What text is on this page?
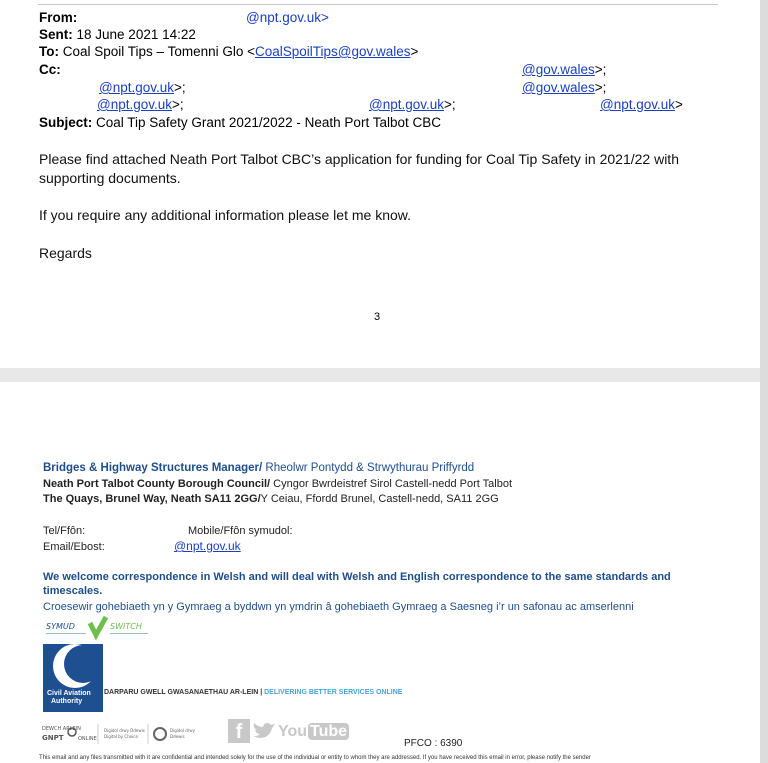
From:	@npt.gov.uk>
Sent: 18 June 2021 14:22
To: Coal Spoil Tips – Tomenni Glo <CoalSpoilTips@gov.wales>
Cc:	@gov.wales>;
@npt.gov.uk>;	@gov.wales>;
@npt.gov.uk>;	@npt.gov.uk>;	@npt.gov.uk>
Subject: Coal Tip Safety Grant 2021/2022 - Neath Port Talbot CBC
Please find attached Neath Port Talbot CBC’s application for funding for Coal Tip Safety in 2021/22 with
supporting documents.
If you require any additional information please let me know.
Regards
3
Bridges & Highway Structures Manager/ Rheolwr Pontydd & Strwythurau Priffyrdd
Neath Port Talbot County Borough Council/ Cyngor Bwrdeistref Sirol Castell-nedd Port Talbot
The Quays, Brunel Way, Neath SA11 2GG/Y Ceiau, Ffordd Brunel, Castell-nedd, SA11 2GG
Tel/Ffôn:	Mobile/Ffôn symudol:
Email/Ebost:	@npt.gov.uk
We welcome correspondence in Welsh and will deal with Welsh and English correspondence to the same standards and
timescales.
Croesewir gohebiaeth yn y Gymraeg a byddwn yn ymdrin â gohebiaeth Gymraeg a Saesneg i’r un safonau ac amserlenni
SYMUD	SWITCH
Civil Aviation
Authority
DARPARU GWELL GWASANAETHAU AR-LEIN | DELIVERING BETTER SERVICES ONLINE
DEWCH ARLEIN
GNPT	ONLINE
Digidol drwy Ddewis
Digital by Choice
Digidol drwy
Ddewis	f	You Tube
PFCO : 6390
This email and any files transmitted with it are confidential and intended solely for the use of the individual or entity to whom they are addressed. If you have received this email in error, please notify the sender
